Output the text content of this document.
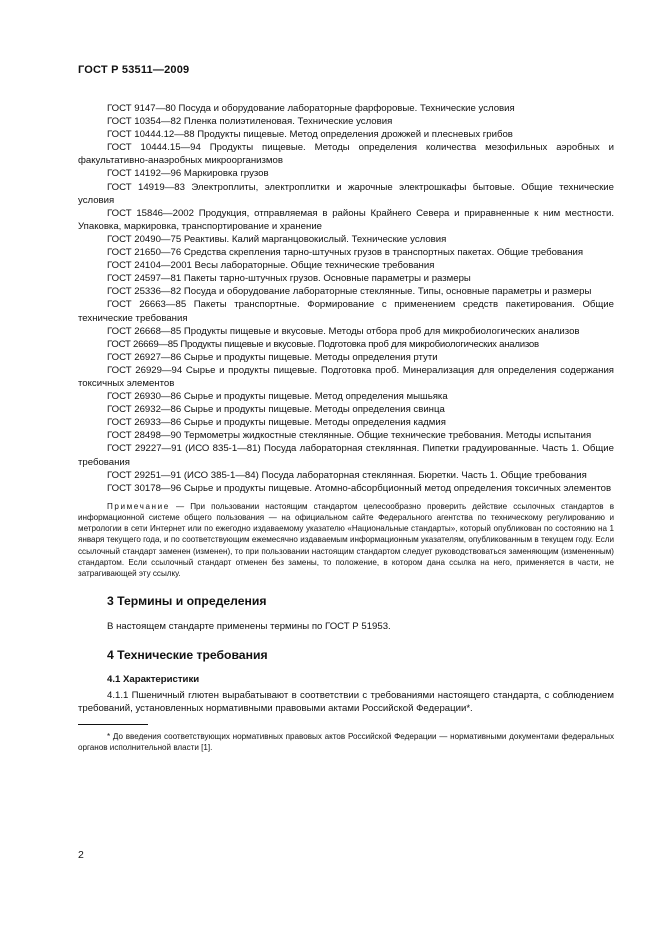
ГОСТ Р 53511—2009

ГОСТ 9147—80 Посуда и оборудование лабораторные фарфоровые. Технические условия

ГОСТ 10354—82 Пленка полиэтиленовая. Технические условия

ГОСТ 10444.12—88 Продукты пищевые. Метод определения дрожжей и плесневых грибов

ГОСТ 10444.15—94 Продукты пищевые. Методы определения количества мезофильных аэробных и факультативно-анаэробных микроорганизмов

ГОСТ 14192—96 Маркировка грузов

ГОСТ 14919—83 Электроплиты, электроплитки и жарочные электрошкафы бытовые. Общие технические условия

ГОСТ 15846—2002 Продукция, отправляемая в районы Крайнего Севера и приравненные к ним местности. Упаковка, маркировка, транспортирование и хранение

ГОСТ 20490—75 Реактивы. Калий марганцовокислый. Технические условия

ГОСТ 21650—76 Средства скрепления тарно-штучных грузов в транспортных пакетах. Общие требования

ГОСТ 24104—2001 Весы лабораторные. Общие технические требования

ГОСТ 24597—81 Пакеты тарно-штучных грузов. Основные параметры и размеры

ГОСТ 25336—82 Посуда и оборудование лабораторные стеклянные. Типы, основные параметры и размеры

ГОСТ 26663—85 Пакеты транспортные. Формирование с применением средств пакетирования. Общие технические требования

ГОСТ 26668—85 Продукты пищевые и вкусовые. Методы отбора проб для микробиологических анализов

ГОСТ 26669—85 Продукты пищевые и вкусовые. Подготовка проб для микробиологических анализов

ГОСТ 26927—86 Сырье и продукты пищевые. Методы определения ртути

ГОСТ 26929—94 Сырье и продукты пищевые. Подготовка проб. Минерализация для определения содержания токсичных элементов

ГОСТ 26930—86 Сырье и продукты пищевые. Метод определения мышьяка

ГОСТ 26932—86 Сырье и продукты пищевые. Методы определения свинца

ГОСТ 26933—86 Сырье и продукты пищевые. Методы определения кадмия

ГОСТ 28498—90 Термометры жидкостные стеклянные. Общие технические требования. Методы испытания

ГОСТ 29227—91 (ИСО 835-1—81) Посуда лабораторная стеклянная. Пипетки градуированные. Часть 1. Общие требования

ГОСТ 29251—91 (ИСО 385-1—84) Посуда лабораторная стеклянная. Бюретки. Часть 1. Общие требования

ГОСТ 30178—96 Сырье и продукты пищевые. Атомно-абсорбционный метод определения токсичных элементов

Примечание — При пользовании настоящим стандартом целесообразно проверить действие ссылочных стандартов в информационной системе общего пользования — на официальном сайте Федерального агентства по техническому регулированию и метрологии в сети Интернет или по ежегодно издаваемому указателю «Национальные стандарты», который опубликован по состоянию на 1 января текущего года, и по соответствующим ежемесячно издаваемым информационным указателям, опубликованным в текущем году. Если ссылочный стандарт заменен (изменен), то при пользовании настоящим стандартом следует руководствоваться заменяющим (измененным) стандартом. Если ссылочный стандарт отменен без замены, то положение, в котором дана ссылка на него, применяется в части, не затрагивающей эту ссылку.

3 Термины и определения

В настоящем стандарте применены термины по ГОСТ Р 51953.

4 Технические требования
4.1 Характеристики

4.1.1 Пшеничный глютен вырабатывают в соответствии с требованиями настоящего стандарта, с соблюдением требований, установленных нормативными правовыми актами Российской Федерации*.

* До введения соответствующих нормативных правовых актов Российской Федерации — нормативными документами федеральных органов исполнительной власти [1].

2
